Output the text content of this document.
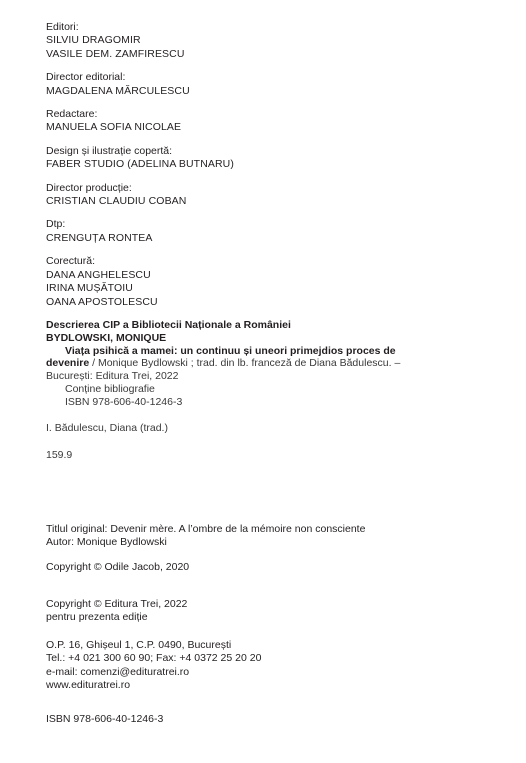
Editori:
SILVIU DRAGOMIR
VASILE DEM. ZAMFIRESCU
Director editorial:
MAGDALENA MĂRCULESCU
Redactare:
MANUELA SOFIA NICOLAE
Design și ilustrație copertă:
FABER STUDIO (ADELINA BUTNARU)
Director producție:
CRISTIAN CLAUDIU COBAN
Dtp:
CRENGUȚA RONTEA
Corectură:
DANA ANGHELESCU
IRINA MUȘĂTOIU
OANA APOSTOLESCU
Descrierea CIP a Bibliotecii Naționale a României
BYDLOWSKI, MONIQUE
Viața psihică a mamei: un continuu și uneori primejdios proces de
devenire / Monique Bydlowski ; trad. din lb. franceză de Diana Bădulescu. –
București: Editura Trei, 2022
Conține bibliografie
ISBN 978-606-40-1246-3
I. Bădulescu, Diana (trad.)
159.9
Titlul original: Devenir mère. A l’ombre de la mémoire non consciente
Autor: Monique Bydlowski
Copyright © Odile Jacob, 2020
Copyright © Editura Trei, 2022
pentru prezenta ediție
O.P. 16, Ghișeul 1, C.P. 0490, București
Tel.: +4 021 300 60 90; Fax: +4 0372 25 20 20
e-mail: comenzi@edituratrei.ro
www.edituratrei.ro
ISBN 978-606-40-1246-3
